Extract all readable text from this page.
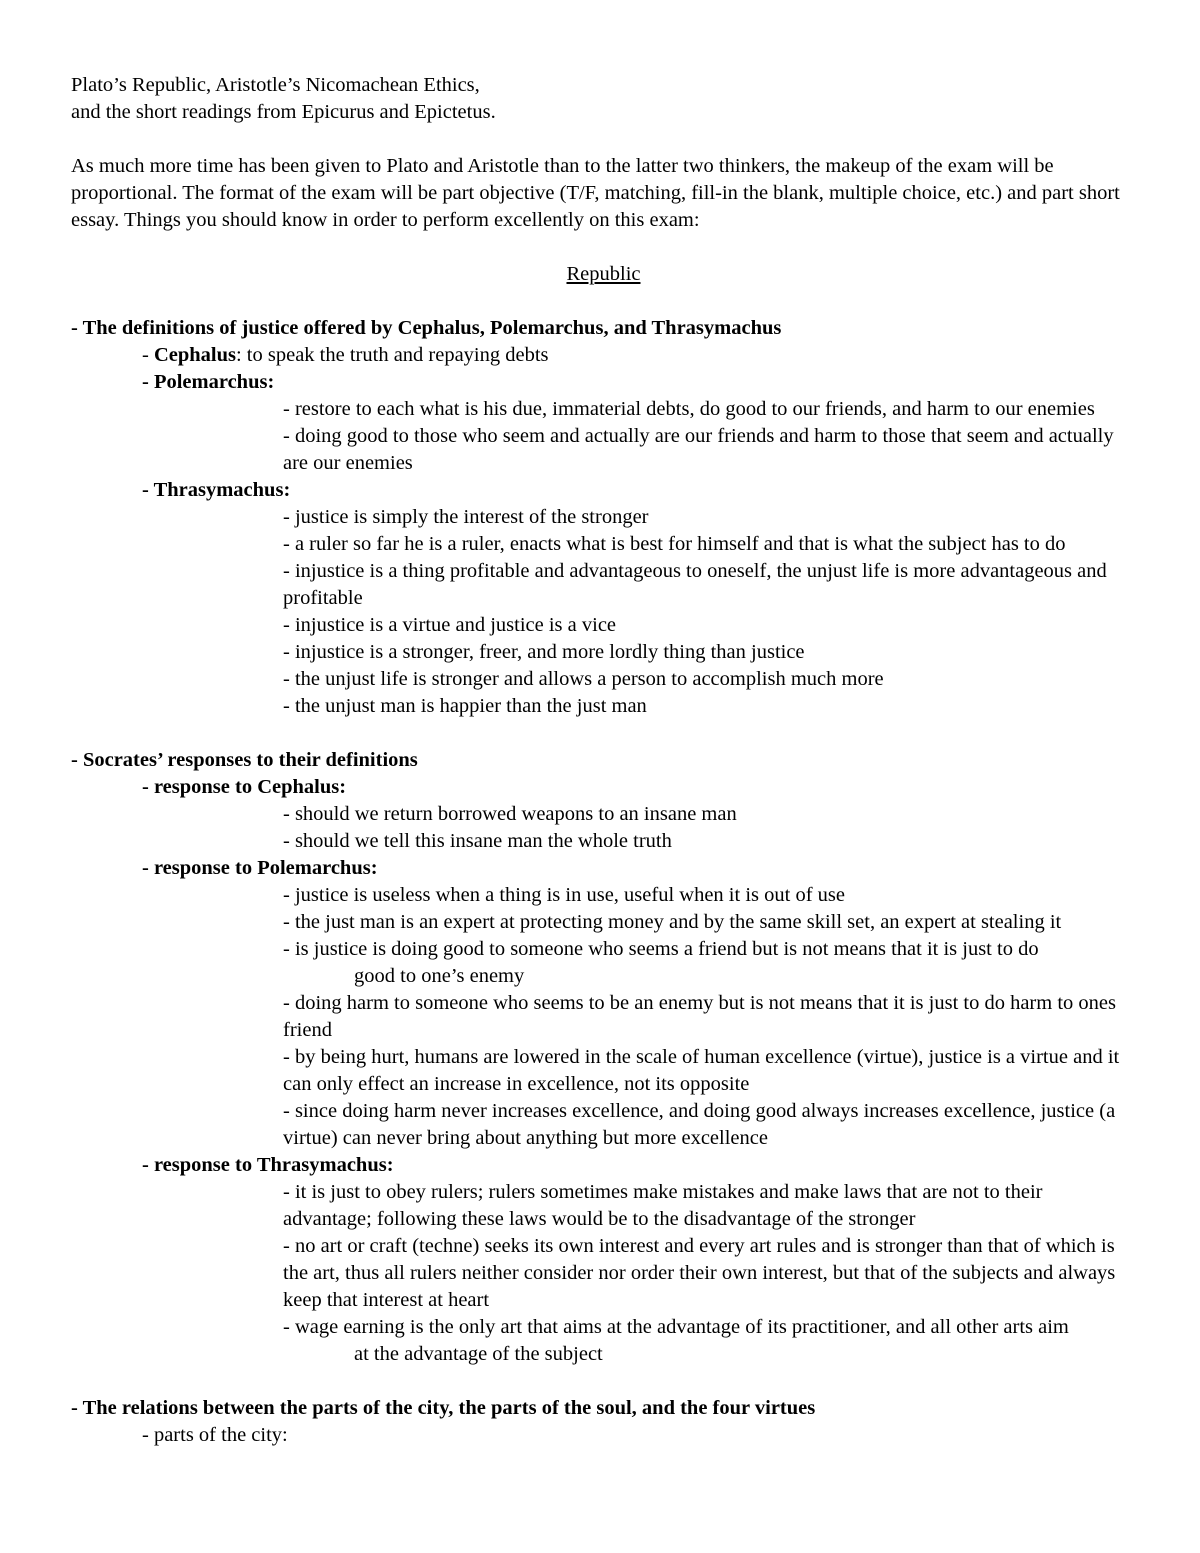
Plato’s Republic, Aristotle’s Nicomachean Ethics,
and the short readings from Epicurus and Epictetus.
As much more time has been given to Plato and Aristotle than to the latter two thinkers, the makeup of the exam will be proportional. The format of the exam will be part objective (T/F, matching, fill-in the blank, multiple choice, etc.) and part short essay. Things you should know in order to perform excellently on this exam:
Republic
- The definitions of justice offered by Cephalus, Polemarchus, and Thrasymachus
- Cephalus: to speak the truth and repaying debts
- Polemarchus:
- restore to each what is his due, immaterial debts, do good to our friends, and harm to our enemies
- doing good to those who seem and actually are our friends and harm to those that seem and actually are our enemies
- Thrasymachus:
- justice is simply the interest of the stronger
- a ruler so far he is a ruler, enacts what is best for himself and that is what the subject has to do
- injustice is a thing profitable and advantageous to oneself, the unjust life is more advantageous and profitable
- injustice is a virtue and justice is a vice
- injustice is a stronger, freer, and more lordly thing than justice
- the unjust life is stronger and allows a person to accomplish much more
- the unjust man is happier than the just man
- Socrates’ responses to their definitions
- response to Cephalus:
- should we return borrowed weapons to an insane man
- should we tell this insane man the whole truth
- response to Polemarchus:
- justice is useless when a thing is in use, useful when it is out of use
- the just man is an expert at protecting money and by the same skill set, an expert at stealing it
- is justice is doing good to someone who seems a friend but is not means that it is just to do
good to one’s enemy
- doing harm to someone who seems to be an enemy but is not means that it is just to do harm to ones friend
- by being hurt, humans are lowered in the scale of human excellence (virtue), justice is a virtue and it can only effect an increase in excellence, not its opposite
- since doing harm never increases excellence, and doing good always increases excellence, justice (a virtue) can never bring about anything but more excellence
- response to Thrasymachus:
- it is just to obey rulers; rulers sometimes make mistakes and make laws that are not to their advantage; following these laws would be to the disadvantage of the stronger
- no art or craft (techne) seeks its own interest and every art rules and is stronger than that of which is the art, thus all rulers neither consider nor order their own interest, but that of the subjects and always keep that interest at heart
- wage earning is the only art that aims at the advantage of its practitioner, and all other arts aim
at the advantage of the subject
- The relations between the parts of the city, the parts of the soul, and the four virtues
- parts of the city:
